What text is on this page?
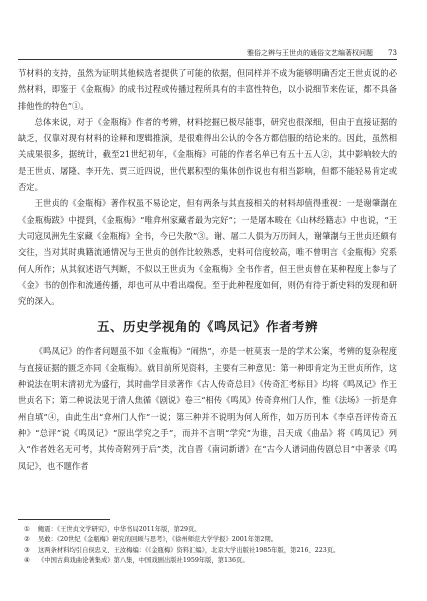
雅俗之辨与王世贞的通俗文艺编著权问题 73

节材料的支持，虽然为证明其他候选者提供了可能的依据，但同样并不成为能够明确否定王世贞说的必然材料，即鉴于《金瓶梅》的成书过程或传播过程所具有的丰富性特色，以小说细节来佐证，都不具备排他性的特色”①。

总体来说，对于《金瓶梅》作者的考辨，材料挖掘已极尽能事，研究也很深细，但由于直接证据的缺乏，仅靠对现有材料的诠释和逻辑推演，是很难得出公认的令各方都信服的结论来的。因此，虽然相关成果很多，据统计，截至21世纪初年，《金瓶梅》可能的作者名单已有五十五人②，其中影响较大的是王世贞、屠隆、李开先、贾三近四说，世代累积型的集体创作说也有相当影响，但都不能轻易肯定或否定。

王世贞的《金瓶梅》著作权虽不易论定，但有两条与其直接相关的材料却值得重视：一是谢肇淛在《金瓶梅跋》中提到，《金瓶梅》“唯弇州家藏者最为完好”；一是屠本畯在《山林经籍志》中也说，“王大司寇凤洲先生家藏《金瓶梅》全书，今已失散”③。谢、屠二人俱为万历间人，谢肇淛与王世贞还颇有交往，当对其时典籍流通情况与王世贞的创作比较熟悉，史料可信度较高，唯不曾明言《金瓶梅》究系何人所作；从其叙述语气判断，不似以王世贞为《金瓶梅》全书作者，但王世贞曾在某种程度上参与了《金》书的创作和流通传播，却也可从中看出端倪。至于此种程度如何，则仍有待于新史料的发现和研究的深入。

五、历史学视角的《鸣凤记》作者考辨

《鸣凤记》的作者问题虽不如《金瓶梅》“闹热”，亦是一桩莫衷一是的学术公案，考辨的复杂程度与直接证据的匮乏亦同《金瓶梅》。就目前所见资料，主要有三种意见：第一种即肯定为王世贞所作，这种说法在明末清初尤为盛行，其时曲学目录著作《古人传奇总目》《传奇汇考标目》均将《鸣凤记》作王世贞名下；第二种说法见于清人焦循《剧说》卷三“相传《鸣凤》传奇弇州门人作，惟《法场》一折是弇州自填”④，由此生出“弇州门人作”一说；第三种并不说明为何人所作，如万历刊本《李卓吾评传奇五种》“总评”说《鸣凤记》“原出学究之手”，而并不言明“学究”为谁，吕天成《曲品》将《鸣凤记》列入“作者姓名无可考，其传奇附列于后”类，沈自晋《南词新谱》在“古今人谱词曲传剧总目”中著录《鸣凤记》，也不题作者

①	鲍震：《王世贞文学研究》，中华书局2011年版，第29页。
②	吴敢：《20世纪《金瓶梅》研究的回顾与思考》，《徐州师范大学学报》2001年第2期。
③	这两条材料均引自侯忠义、王汝梅编：《《金瓶梅》资料汇编》，北京大学出版社1985年版，第216、223页。
④	《中国古典戏曲论著集成》第八集，中国戏剧出版社1959年版，第136页。
